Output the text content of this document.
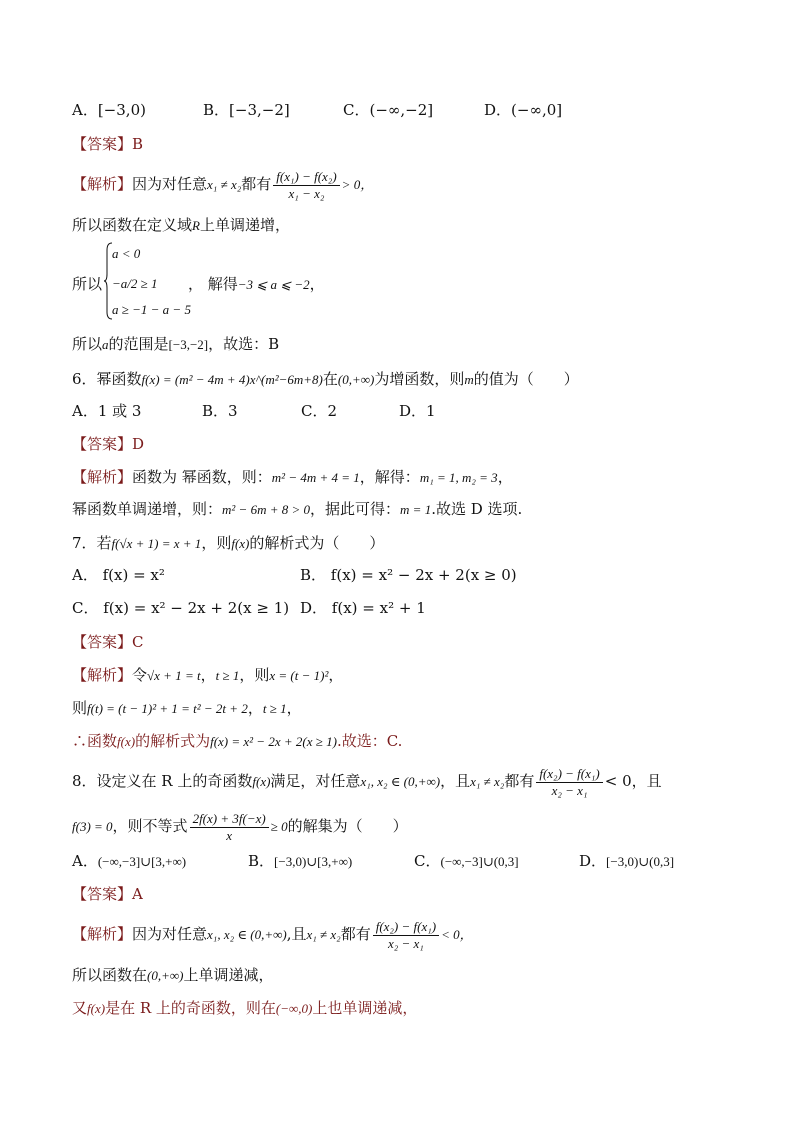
A．[−3,0)	B．[−3,−2]	C．(−∞,−2]	D．(−∞,0]
【答案】B
【解析】因为对任意x₁ ≠ x₂都有 $\frac{\text{f(x₁) − f(x₂)}}{\text{x₁ − x₂}} > 0$，
所以函数在定义域R上单调递增，
所以
a < 0
−a/2 ≥ 1
a ≥ −1 − a − 5
， 解得−3 ⩽ a ⩽ −2，
所以a的范围是[−3,−2]，故选：B
6．幂函数f(x) = (m² − 4m + 4)x^(m²−6m+8)在(0,+∞)为增函数，则m的值为（　　）
A．1 或 3	B．3	C．2	D．1
【答案】D
【解析】函数为 幂函数，则：m² − 4m + 4 = 1，解得：m₁ = 1, m₂ = 3，
幂函数单调递增，则：m² − 6m + 8 > 0，据此可得：m = 1.故选 D 选项.
7．若f(√x + 1) = x + 1，则f(x)的解析式为（　　）
A． f(x) = x²	B． f(x) = x² − 2x + 2(x ≥ 0)
C． f(x) = x² − 2x + 2(x ≥ 1) D． f(x) = x² + 1
【答案】C
【解析】令√x + 1 = t，t ≥ 1，则x = (t − 1)²，
则f(t) = (t − 1)² + 1 = t² − 2t + 2，t ≥ 1，
∴函数f(x)的解析式为f(x) = x² − 2x + 2(x ≥ 1).故选：C.
8．设定义在 R 上的奇函数f(x)满足，对任意x₁, x₂ ∈ (0,+∞)，且x₁ ≠ x₂都有 $\frac{\text{f(x₂) − f(x₁)}}{\text{x₂ − x₁}} < 0$，且
f(3) = 0，则不等式 $\frac{2f(x) + 3f(-x)}{x} \ge 0$的解集为（　　）
A．(−∞,−3]∪[3,+∞)	B．[−3,0)∪[3,+∞)	C．(−∞,−3]∪(0,3]	D．[−3,0)∪(0,3]
【答案】A
【解析】因为对任意x₁, x₂ ∈ (0,+∞),且x₁ ≠ x₂都有 $\frac{\text{f(x₂) − f(x₁)}}{\text{x₂ − x₁}} < 0$，
所以函数在(0,+∞)上单调递减，
又f(x)是在 R 上的奇函数，则在(−∞,0)上也单调递减，
